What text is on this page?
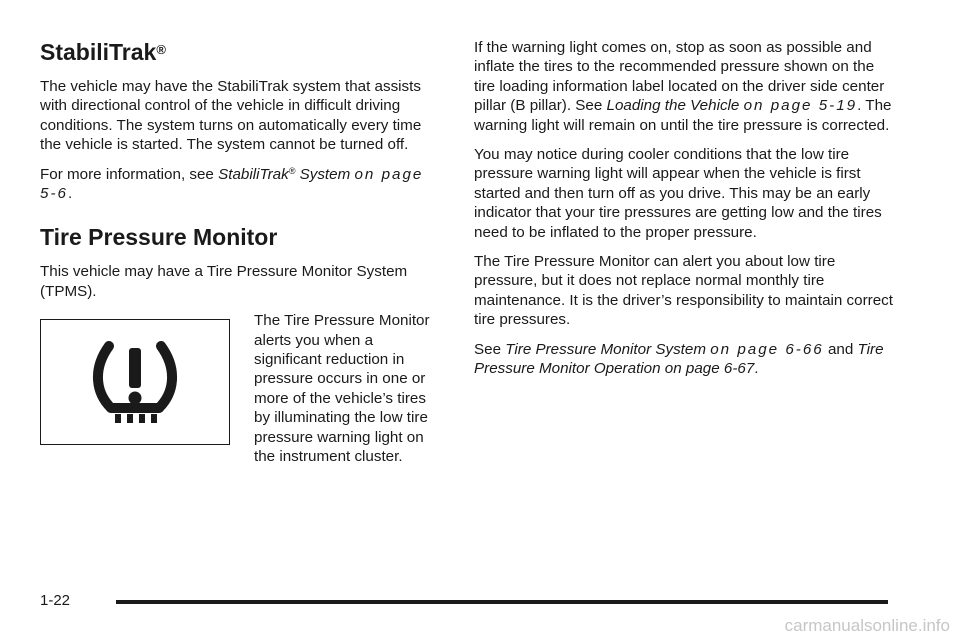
StabiliTrak®

The vehicle may have the StabiliTrak system that assists with directional control of the vehicle in difficult driving conditions. The system turns on automatically every time the vehicle is started. The system cannot be turned off.

For more information, see StabiliTrak® System on page 5-6.

Tire Pressure Monitor

This vehicle may have a Tire Pressure Monitor System (TPMS).

The Tire Pressure Monitor alerts you when a significant reduction in pressure occurs in one or more of the vehicle’s tires by illuminating the low tire pressure warning light on the instrument cluster.

If the warning light comes on, stop as soon as possible and inflate the tires to the recommended pressure shown on the tire loading information label located on the driver side center pillar (B pillar). See Loading the Vehicle on page 5-19. The warning light will remain on until the tire pressure is corrected.

You may notice during cooler conditions that the low tire pressure warning light will appear when the vehicle is first started and then turn off as you drive. This may be an early indicator that your tire pressures are getting low and the tires need to be inflated to the proper pressure.

The Tire Pressure Monitor can alert you about low tire pressure, but it does not replace normal monthly tire maintenance. It is the driver’s responsibility to maintain correct tire pressures.

See Tire Pressure Monitor System on page 6-66 and Tire Pressure Monitor Operation on page 6-67.

1-22
carmanualsonline.info
